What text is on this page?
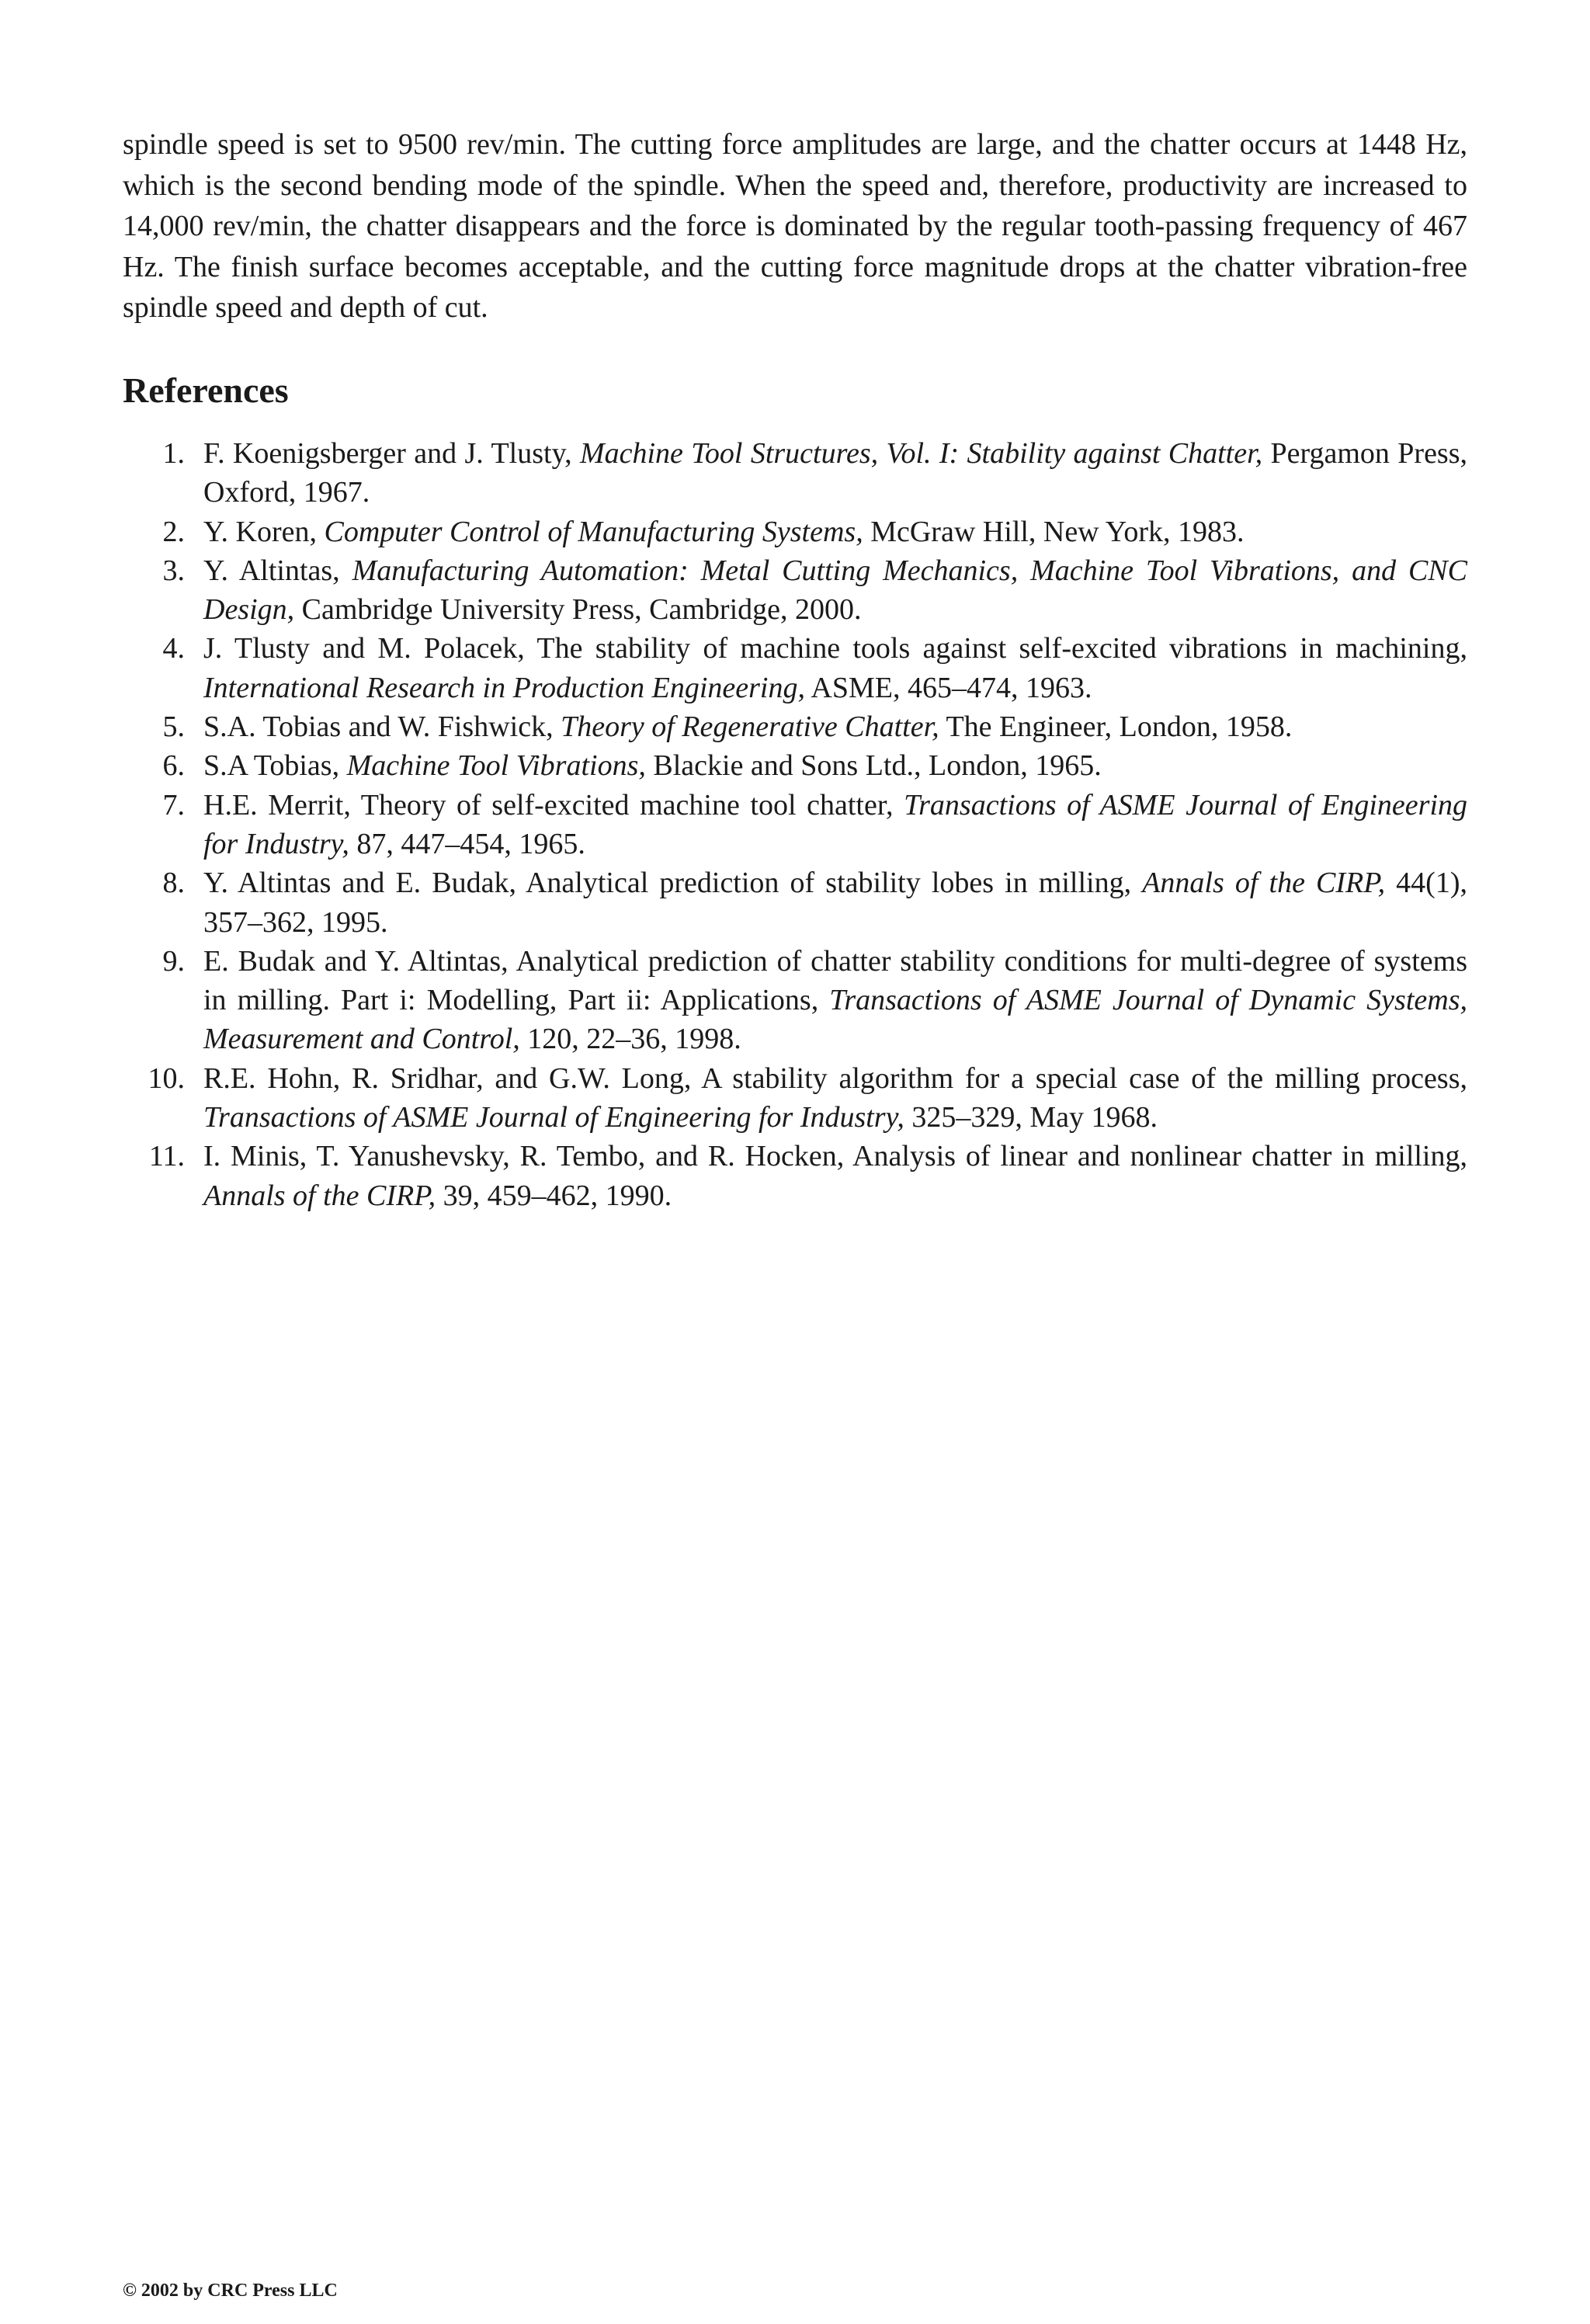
spindle speed is set to 9500 rev/min. The cutting force amplitudes are large, and the chatter occurs at 1448 Hz, which is the second bending mode of the spindle. When the speed and, therefore, productivity are increased to 14,000 rev/min, the chatter disappears and the force is dominated by the regular tooth-passing frequency of 467 Hz. The finish surface becomes acceptable, and the cutting force magnitude drops at the chatter vibration-free spindle speed and depth of cut.

References
1. F. Koenigsberger and J. Tlusty, Machine Tool Structures, Vol. I: Stability against Chatter, Pergamon Press, Oxford, 1967.
2. Y. Koren, Computer Control of Manufacturing Systems, McGraw Hill, New York, 1983.
3. Y. Altintas, Manufacturing Automation: Metal Cutting Mechanics, Machine Tool Vibrations, and CNC Design, Cambridge University Press, Cambridge, 2000.
4. J. Tlusty and M. Polacek, The stability of machine tools against self-excited vibrations in machining, International Research in Production Engineering, ASME, 465–474, 1963.
5. S.A. Tobias and W. Fishwick, Theory of Regenerative Chatter, The Engineer, London, 1958.
6. S.A Tobias, Machine Tool Vibrations, Blackie and Sons Ltd., London, 1965.
7. H.E. Merrit, Theory of self-excited machine tool chatter, Transactions of ASME Journal of Engineering for Industry, 87, 447–454, 1965.
8. Y. Altintas and E. Budak, Analytical prediction of stability lobes in milling, Annals of the CIRP, 44(1), 357–362, 1995.
9. E. Budak and Y. Altintas, Analytical prediction of chatter stability conditions for multi-degree of systems in milling. Part i: Modelling, Part ii: Applications, Transactions of ASME Journal of Dynamic Systems, Measurement and Control, 120, 22–36, 1998.
10. R.E. Hohn, R. Sridhar, and G.W. Long, A stability algorithm for a special case of the milling process, Transactions of ASME Journal of Engineering for Industry, 325–329, May 1968.
11. I. Minis, T. Yanushevsky, R. Tembo, and R. Hocken, Analysis of linear and nonlinear chatter in milling, Annals of the CIRP, 39, 459–462, 1990.
© 2002 by CRC Press LLC
